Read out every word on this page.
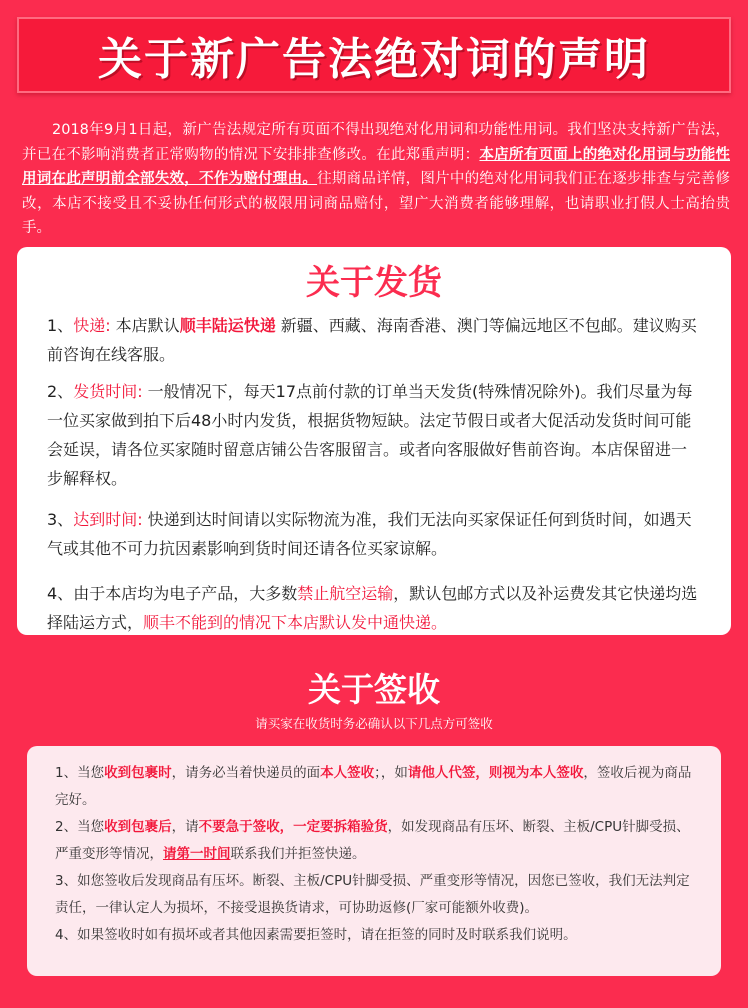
关于新广告法绝对词的声明
2018年9月1日起，新广告法规定所有页面不得出现绝对化用词和功能性用词。我们坚决支持新广告法，并已在不影响消费者正常购物的情况下安排排查修改。在此郑重声明：本店所有页面上的绝对化用词与功能性用词在此声明前全部失效，不作为赔付理由。往期商品详情，图片中的绝对化用词我们正在逐步排查与完善修改，本店不接受且不妥协任何形式的极限用词商品赔付，望广大消费者能够理解，也请职业打假人士高抬贵手。
关于发货
1、快递: 本店默认顺丰陆运快递 新疆、西藏、海南香港、澳门等偏远地区不包邮。建议购买前咨询在线客服。
2、发货时间: 一般情况下，每天17点前付款的订单当天发货(特殊情况除外)。我们尽量为每一位买家做到拍下后48小时内发货，根据货物短缺。法定节假日或者大促活动发货时间可能会延误，请各位买家随时留意店铺公告客服留言。或者向客服做好售前咨询。本店保留进一步解释权。
3、达到时间: 快递到达时间请以实际物流为准，我们无法向买家保证任何到货时间，如遇天气或其他不可力抗因素影响到货时间还请各位买家谅解。
4、由于本店均为电子产品，大多数禁止航空运输，默认包邮方式以及补运费发其它快递均选择陆运方式，顺丰不能到的情况下本店默认发中通快递。
关于签收
请买家在收货时务必确认以下几点方可签收
1、当您收到包裹时，请务必当着快递员的面本人签收；，如请他人代签，则视为本人签收，签收后视为商品完好。
2、当您收到包裹后，请不要急于签收，一定要拆箱验货，如发现商品有压坏、断裂、主板/CPU针脚受损、严重变形等情况，请第一时间联系我们并拒签快递。
3、如您签收后发现商品有压坏。断裂、主板/CPU针脚受损、严重变形等情况，因您已签收，我们无法判定责任，一律认定人为损坏，不接受退换货请求，可协助返修(厂家可能额外收费)。
4、如果签收时如有损坏或者其他因素需要拒签时，请在拒签的同时及时联系我们说明。
